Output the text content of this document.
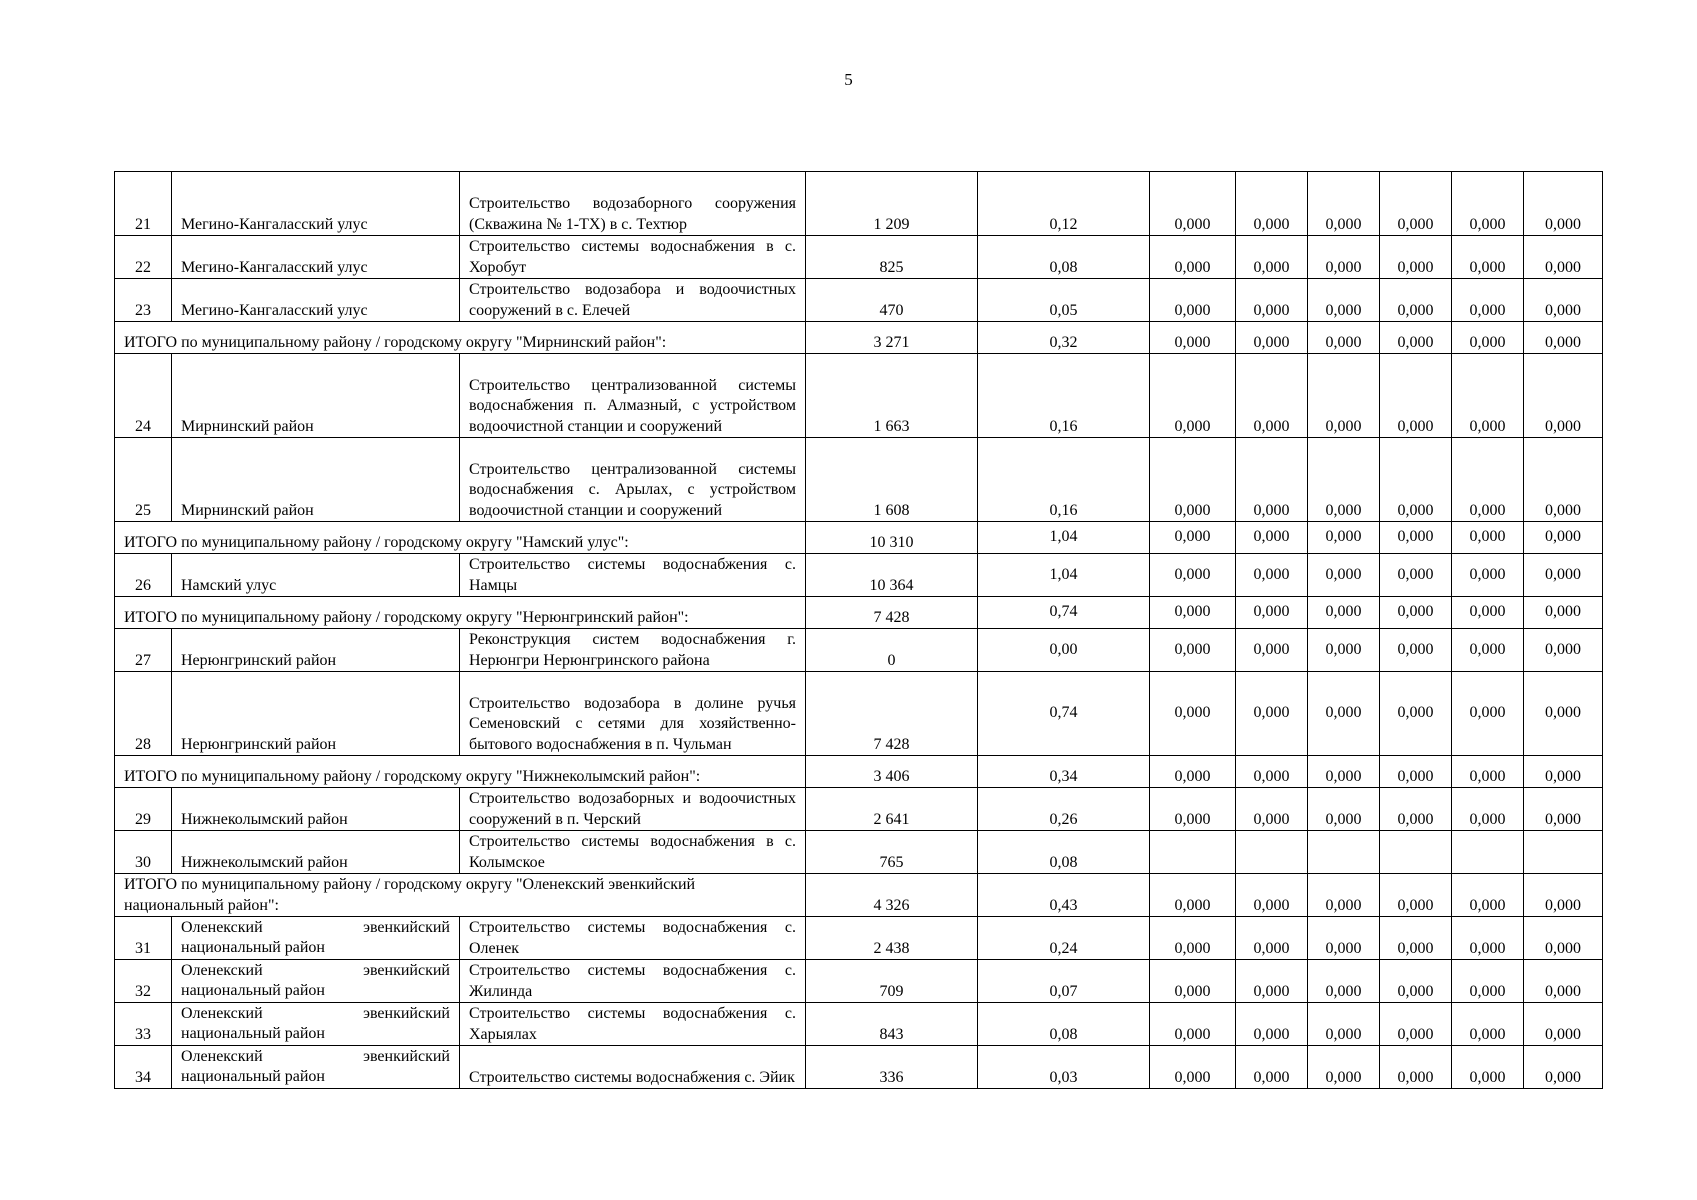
5
21	Мегино-Кангаласский улус	Строительство водозаборного сооружения (Скважина № 1-ТХ) в с. Техтюр	1 209	0,12	0,000	0,000	0,000	0,000	0,000	0,000
22	Мегино-Кангаласский улус	Строительство системы водоснабжения в с. Хоробут	825	0,08	0,000	0,000	0,000	0,000	0,000	0,000
23	Мегино-Кангаласский улус	Строительство водозабора и водоочистных сооружений в с. Елечей	470	0,05	0,000	0,000	0,000	0,000	0,000	0,000
ИТОГО по муниципальному району / городскому округу "Мирнинский район":			3 271	0,32	0,000	0,000	0,000	0,000	0,000	0,000
24	Мирнинский район	Строительство централизованной системы водоснабжения п. Алмазный, с устройством водоочистной станции и сооружений	1 663	0,16	0,000	0,000	0,000	0,000	0,000	0,000
25	Мирнинский район	Строительство централизованной системы водоснабжения с. Арылах, с устройством водоочистной станции и сооружений	1 608	0,16	0,000	0,000	0,000	0,000	0,000	0,000
ИТОГО по муниципальному району / городскому округу "Намский улус":			10 310	1,04	0,000	0,000	0,000	0,000	0,000	0,000
26	Намский улус	Строительство системы водоснабжения с. Намцы	10 364	1,04	0,000	0,000	0,000	0,000	0,000	0,000
ИТОГО по муниципальному району / городскому округу "Нерюнгринский район":			7 428	0,74	0,000	0,000	0,000	0,000	0,000	0,000
27	Нерюнгринский район	Реконструкция систем водоснабжения г. Нерюнгри Нерюнгринского района	0	0,00	0,000	0,000	0,000	0,000	0,000	0,000
28	Нерюнгринский район	Строительство водозабора в долине ручья Семеновский с сетями для хозяйственно-бытового водоснабжения в п. Чульман	7 428	0,74	0,000	0,000	0,000	0,000	0,000	0,000
ИТОГО по муниципальному району / городскому округу "Нижнеколымский район":			3 406	0,34	0,000	0,000	0,000	0,000	0,000	0,000
29	Нижнеколымский район	Строительство водозаборных и водоочистных сооружений в п. Черский	2 641	0,26	0,000	0,000	0,000	0,000	0,000	0,000
30	Нижнеколымский район	Строительство системы водоснабжения в с. Колымское	765	0,08						
ИТОГО по муниципальному району / городскому округу "Оленекский эвенкийский национальный район":			4 326	0,43	0,000	0,000	0,000	0,000	0,000	0,000
31	Оленекский эвенкийский национальный район	Строительство системы водоснабжения с. Оленек	2 438	0,24	0,000	0,000	0,000	0,000	0,000	0,000
32	Оленекский эвенкийский национальный район	Строительство системы водоснабжения с. Жилинда	709	0,07	0,000	0,000	0,000	0,000	0,000	0,000
33	Оленекский эвенкийский национальный район	Строительство системы водоснабжения с. Харыялах	843	0,08	0,000	0,000	0,000	0,000	0,000	0,000
34	Оленекский эвенкийский национальный район	Строительство системы водоснабжения с. Эйик	336	0,03	0,000	0,000	0,000	0,000	0,000	0,000
